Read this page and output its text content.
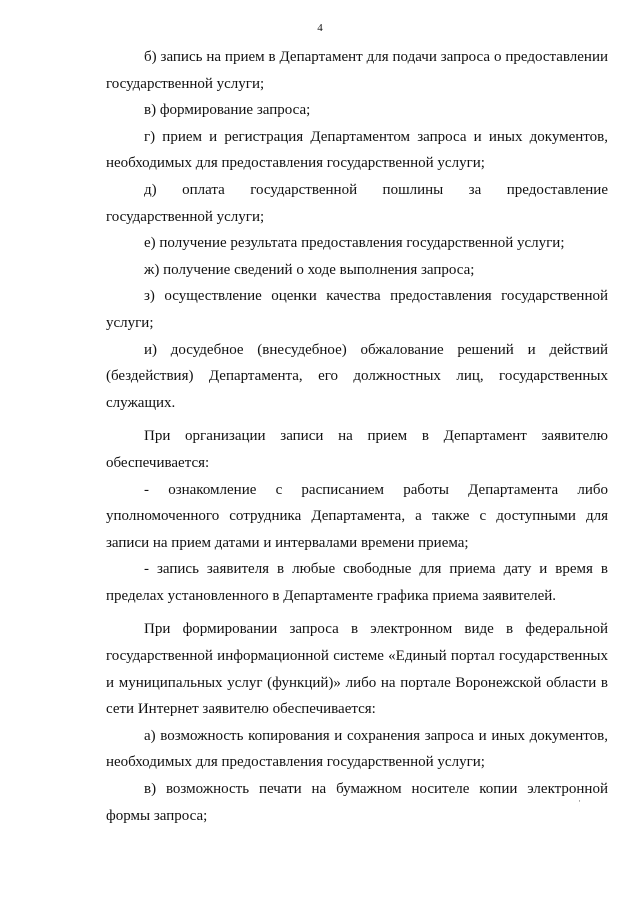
4

б) запись на прием в Департамент для подачи запроса о предоставлении государственной услуги;

в) формирование запроса;

г) прием и регистрация Департаментом запроса и иных документов, необходимых для предоставления государственной услуги;

д) оплата государственной пошлины за предоставление государственной услуги;

е) получение результата предоставления государственной услуги;

ж) получение сведений о ходе выполнения запроса;

з) осуществление оценки качества предоставления государственной услуги;

и) досудебное (внесудебное) обжалование решений и действий (бездействия) Департамента, его должностных лиц, государственных служащих.

При организации записи на прием в Департамент заявителю обеспечивается:

- ознакомление с расписанием работы Департамента либо уполномоченного сотрудника Департамента, а также с доступными для записи на прием датами и интервалами времени приема;

- запись заявителя в любые свободные для приема дату и время в пределах установленного в Департаменте графика приема заявителей.

При формировании запроса в электронном виде в федеральной государственной информационной системе «Единый портал государственных и муниципальных услуг (функций)» либо на портале Воронежской области в сети Интернет заявителю обеспечивается:

а) возможность копирования и сохранения запроса и иных документов, необходимых для предоставления государственной услуги;

в) возможность печати на бумажном носителе копии электронной формы запроса;

·
